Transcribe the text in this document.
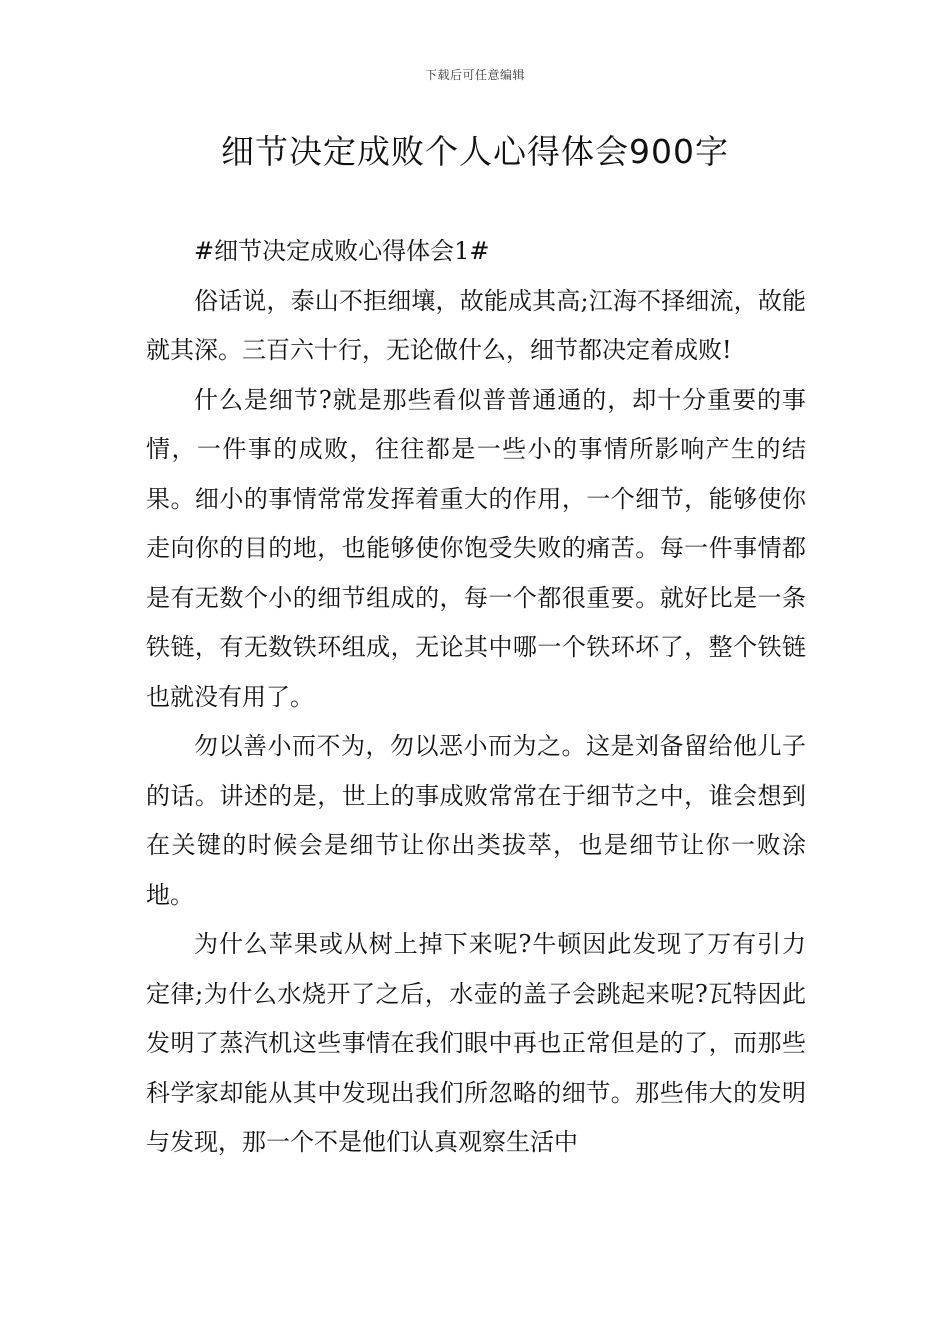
下载后可任意编辑
细节决定成败个人心得体会900字

#细节决定成败心得体会1#

俗话说，泰山不拒细壤，故能成其高;江海不择细流，故能就其深。三百六十行，无论做什么，细节都决定着成败!

什么是细节?就是那些看似普普通通的，却十分重要的事情，一件事的成败，往往都是一些小的事情所影响产生的结果。细小的事情常常发挥着重大的作用，一个细节，能够使你走向你的目的地，也能够使你饱受失败的痛苦。每一件事情都是有无数个小的细节组成的，每一个都很重要。就好比是一条铁链，有无数铁环组成，无论其中哪一个铁环坏了，整个铁链也就没有用了。

勿以善小而不为，勿以恶小而为之。这是刘备留给他儿子的话。讲述的是，世上的事成败常常在于细节之中，谁会想到在关键的时候会是细节让你出类拔萃，也是细节让你一败涂地。

为什么苹果或从树上掉下来呢?牛顿因此发现了万有引力定律;为什么水烧开了之后，水壶的盖子会跳起来呢?瓦特因此发明了蒸汽机这些事情在我们眼中再也正常但是的了，而那些科学家却能从其中发现出我们所忽略的细节。那些伟大的发明与发现，那一个不是他们认真观察生活中
